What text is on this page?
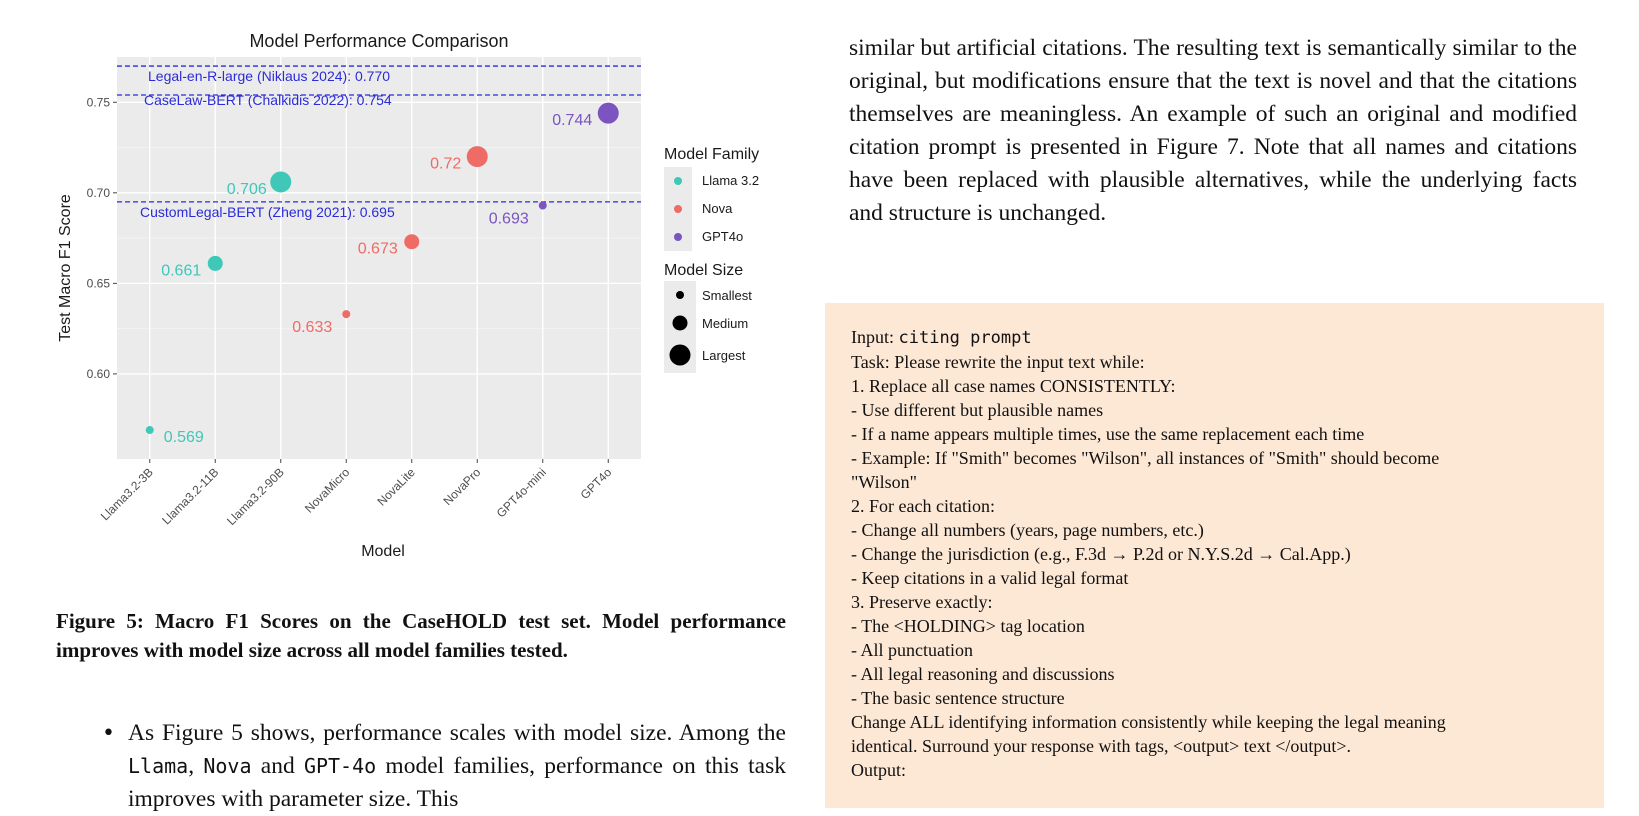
0.60
0.65
0.70
0.75
Llama3.2-3B Llama3.2-11B Llama3.2-90B NovaMicro NovaLite NovaPro GPT4o-mini GPT4o
Legal-en-R-large (Niklaus 2024): 0.770
CaseLaw-BERT (Chalkidis 2022): 0.754
CustomLegal-BERT (Zheng 2021): 0.695
0.569
0.661
0.706
0.633
0.673
0.72
0.693
0.744
Model Performance Comparison
Model
Test Macro F1 Score
Model Family
Llama 3.2
Nova
GPT4o
Model Size
Smallest
Medium
Largest
Figure 5: Macro F1 Scores on the CaseHOLD test set. Model performance improves with model size across all model families tested.
• As Figure 5 shows, performance scales with model size. Among the Llama, Nova and GPT-4o model families, performance on this task improves with parameter size. This

similar but artificial citations. The resulting text is semantically similar to the original, but modifications ensure that the text is novel and that the citations themselves are meaningless. An example of such an original and modified citation prompt is presented in Figure 7. Note that all names and citations have been replaced with plausible alternatives, while the underlying facts and structure is unchanged.

Input: citing prompt
Task: Please rewrite the input text while:
1. Replace all case names CONSISTENTLY:
- Use different but plausible names
- If a name appears multiple times, use the same replacement each time
- Example: If "Smith" becomes "Wilson", all instances of "Smith" should become
"Wilson"
2. For each citation:
- Change all numbers (years, page numbers, etc.)
- Change the jurisdiction (e.g., F.3d → P.2d or N.Y.S.2d → Cal.App.)
- Keep citations in a valid legal format
3. Preserve exactly:
- The <HOLDING> tag location
- All punctuation
- All legal reasoning and discussions
- The basic sentence structure
Change ALL identifying information consistently while keeping the legal meaning
identical. Surround your response with tags, <output> text </output>.
Output:
